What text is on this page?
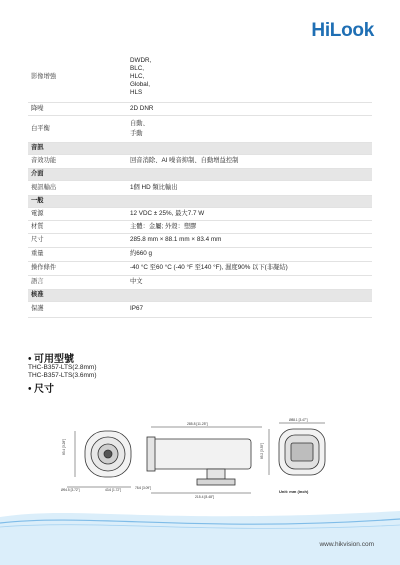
HiLook
影像增強	DWDR,
BLC,
HLC,
Global,
HLS

降噪	2D DNR

白平衡	自動、
手動

音訊	
音效功能	回音消除、AI 噪音抑制、自動增益控制

介面	
視訊輸出	1個 HD 類比輸出

一般	
電源	12 VDC ± 25%, 最大7.7 W

材質	主體：金屬; 外殼：塑膠

尺寸	285.8 mm × 88.1 mm × 83.4 mm

重量	約660 g

操作條件	-40 °C 至60 °C (-40 °F 至140 °F), 濕度90% 以下(非凝結)

語言	中文

核准	
保護	IP67
• 可用型號
THC-B357-LTS(2.8mm)
THC-B357-LTS(3.6mm)
• 尺寸
83.4 [3.28"]
Ø94.5 [3.72"]	43.6 [1.72"]
285.8 [11.25"]
215.4 [8.48"]
78.6 [3.09"]
Ø88.1 [3.47"]
85.2 [3.35"]
Unit: mm (inch)
www.hikvision.com
